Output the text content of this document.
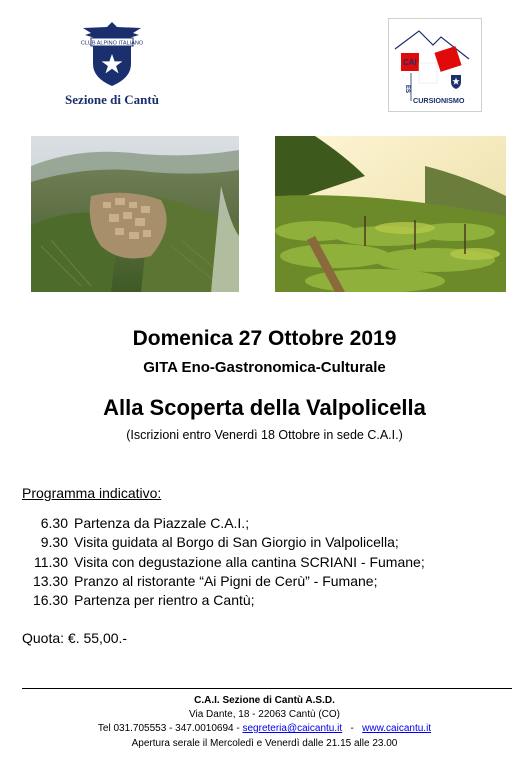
CLUB ALPINO ITALIANO
Sezione di Cantù
CAI
ES
CURSIONISMO
Domenica 27 Ottobre 2019
GITA Eno-Gastronomica-Culturale
Alla Scoperta della Valpolicella
(Iscrizioni entro Venerdì 18 Ottobre in sede C.A.I.)
Programma indicativo:
6.30 Partenza da Piazzale C.A.I.;
9.30 Visita guidata al Borgo di San Giorgio in Valpolicella;
11.30 Visita con degustazione alla cantina SCRIANI - Fumane;
13.30 Pranzo al ristorante “Ai Pigni de Cerù” - Fumane;
16.30 Partenza per rientro a Cantù;
Quota: €. 55,00.-
C.A.I. Sezione di Cantù A.S.D.
Via Dante, 18 - 22063 Cantù (CO)
Tel 031.705553 - 347.0010694 - segreteria@caicantu.it   -   www.caicantu.it
Apertura serale il Mercoledì e Venerdì dalle 21.15 alle 23.00
